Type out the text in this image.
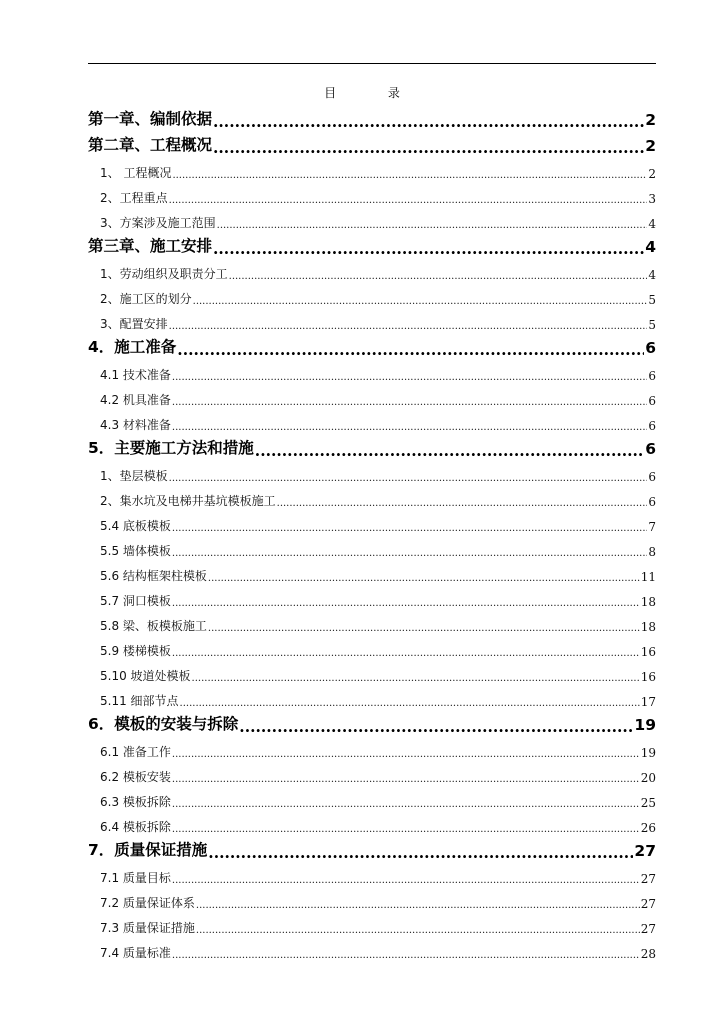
目 录
第一章、编制依据 .....	2
第二章、工程概况 .....	2
1、 工程概况 .....	2
2、工程重点 .....	3
3、方案涉及施工范围 .....	4
第三章、施工安排 .....	4
1、劳动组织及职责分工 .....	4
2、施工区的划分 .....	5
3、配置安排 .....	5
4．施工准备 .....	6
4.1 技术准备 .....	6
4.2 机具准备 .....	6
4.3 材料准备 .....	6
5．主要施工方法和措施 .....	6
1、垫层模板 .....	6
2、集水坑及电梯井基坑模板施工 .....	6
5.4 底板模板 .....	7
5.5 墙体模板 .....	8
5.6 结构框架柱模板 .....	11
5.7 洞口模板 .....	18
5.8 梁、板模板施工 .....	18
5.9 楼梯模板 .....	16
5.10 坡道处模板 .....	16
5.11 细部节点 .....	17
6．模板的安装与拆除 .....	19
6.1 准备工作 .....	19
6.2 模板安装 .....	20
6.3 模板拆除 .....	25
6.4 模板拆除 .....	26
7．质量保证措施 .....	27
7.1 质量目标 .....	27
7.2 质量保证体系 .....	27
7.3 质量保证措施 .....	27
7.4 质量标准 .....	28
